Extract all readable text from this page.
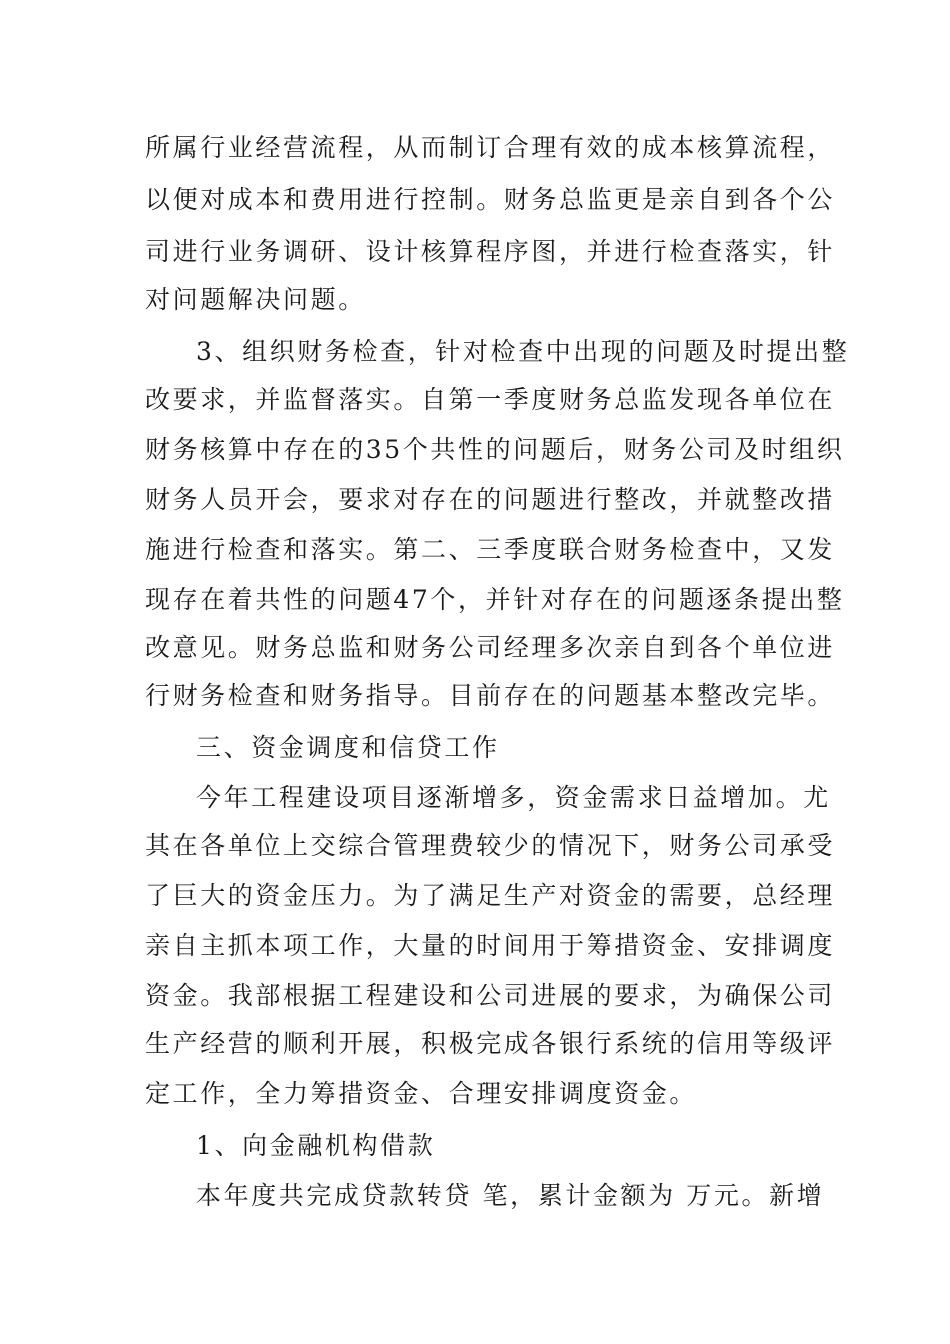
所属行业经营流程，从而制订合理有效的成本核算流程，
以便对成本和费用进行控制。财务总监更是亲自到各个公
司进行业务调研、设计核算程序图，并进行检查落实，针
对问题解决问题。
3、组织财务检查，针对检查中出现的问题及时提出整
改要求，并监督落实。自第一季度财务总监发现各单位在
财务核算中存在的35个共性的问题后，财务公司及时组织
财务人员开会，要求对存在的问题进行整改，并就整改措
施进行检查和落实。第二、三季度联合财务检查中，又发
现存在着共性的问题47个，并针对存在的问题逐条提出整
改意见。财务总监和财务公司经理多次亲自到各个单位进
行财务检查和财务指导。目前存在的问题基本整改完毕。
三、资金调度和信贷工作
今年工程建设项目逐渐增多，资金需求日益增加。尤
其在各单位上交综合管理费较少的情况下，财务公司承受
了巨大的资金压力。为了满足生产对资金的需要，总经理
亲自主抓本项工作，大量的时间用于筹措资金、安排调度
资金。我部根据工程建设和公司进展的要求，为确保公司
生产经营的顺利开展，积极完成各银行系统的信用等级评
定工作，全力筹措资金、合理安排调度资金。
1、向金融机构借款
本年度共完成贷款转贷 笔，累计金额为 万元。新增
